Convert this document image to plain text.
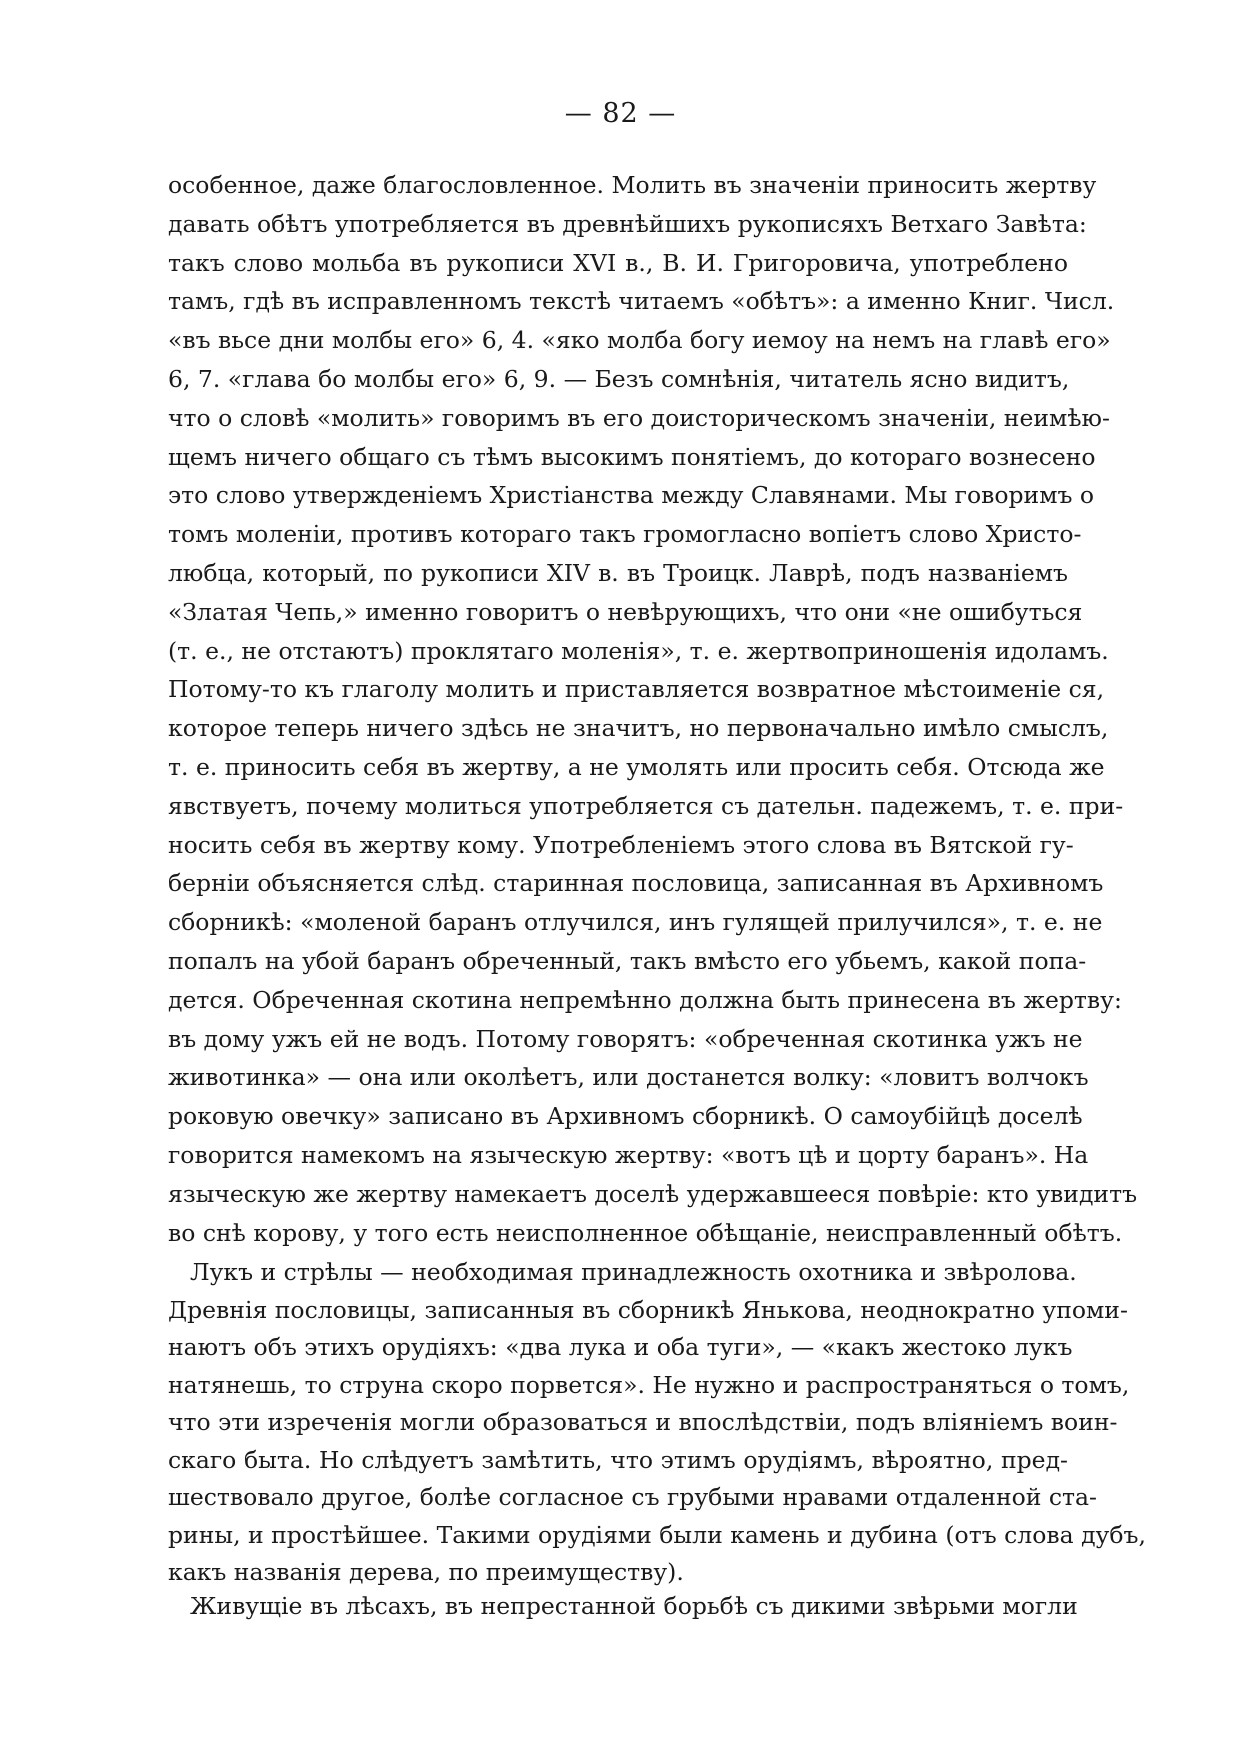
— 82 —
особенное, даже благословленное. Молить въ значенiи приносить жертву
давать обѣтъ употребляется въ древнѣйшихъ рукописяхъ Ветхаго Завѣта:
такъ слово мольба въ рукописи XVI в., В. И. Григоровича, употреблено
тамъ, гдѣ въ исправленномъ текстѣ читаемъ «обѣтъ»: а именно Книг. Числ.
«въ вьсе дни молбы его» 6, 4. «яко молба богу иемоу на немъ на главѣ его»
6, 7. «глава бо молбы его» 6, 9. — Безъ сомнѣнiя, читатель ясно видитъ,
что о словѣ «молить» говоримъ въ его доисторическомъ значенiи, неимѣю-
щемъ ничего общаго съ тѣмъ высокимъ понятiемъ, до котораго вознесено
это слово утвержденiемъ Христiанства между Славянами. Мы говоримъ о
томъ моленiи, противъ котораго такъ громогласно вопiетъ слово Христо-
любца, который, по рукописи XIV в. въ Троицк. Лаврѣ, подъ названiемъ
«Златая Чепь,» именно говоритъ о невѣрующихъ, что они «не ошибуться
(т. е., не отстаютъ) проклятаго моленiя», т. е. жертвоприношенiя идоламъ.
Потому-то къ глаголу молить и приставляется возвратное мѣстоименiе ся,
которое теперь ничего здѣсь не значитъ, но первоначально имѣло смыслъ,
т. е. приносить себя въ жертву, а не умолять или просить себя. Отсюда же
явствуетъ, почему молиться употребляется съ дательн. падежемъ, т. е. при-
носить себя въ жертву кому. Употребленiемъ этого слова въ Вятской гу-
бернiи объясняется слѣд. старинная пословица, записанная въ Архивномъ
сборникѣ: «моленой баранъ отлучился, инъ гулящей прилучился», т. е. не
попалъ на убой баранъ обреченный, такъ вмѣсто его убьемъ, какой попа-
дется. Обреченная скотина непремѣнно должна быть принесена въ жертву:
въ дому ужъ ей не водъ. Потому говорятъ: «обреченная скотинка ужъ не
животинка» — она или околѣетъ, или достанется волку: «ловитъ волчокъ
роковую овечку» записано въ Архивномъ сборникѣ. О самоубiйцѣ доселѣ
говорится намекомъ на языческую жертву: «вотъ цѣ и цорту баранъ». На
языческую же жертву намекаетъ доселѣ удержавшееся повѣрiе: кто увидитъ
во снѣ корову, у того есть неисполненное обѣщанiе, неисправленный обѣтъ.
Лукъ и стрѣлы — необходимая принадлежность охотника и звѣролова.
Древнiя пословицы, записанныя въ сборникѣ Янькова, неоднократно упоми-
наютъ объ этихъ орудiяхъ: «два лука и оба туги», — «какъ жестоко лукъ
натянешь, то струна скоро порвется». Не нужно и распространяться о томъ,
что эти изреченiя могли образоваться и впослѣдствiи, подъ влiянiемъ воин-
скаго быта. Но слѣдуетъ замѣтить, что этимъ орудiямъ, вѣроятно, пред-
шествовало другое, болѣе согласное съ грубыми нравами отдаленной ста-
рины, и простѣйшее. Такими орудiями были камень и дубина (отъ слова дубъ,
какъ названiя дерева, по преимуществу).
Живущiе въ лѣсахъ, въ непрестанной борьбѣ съ дикими звѣрьми могли
